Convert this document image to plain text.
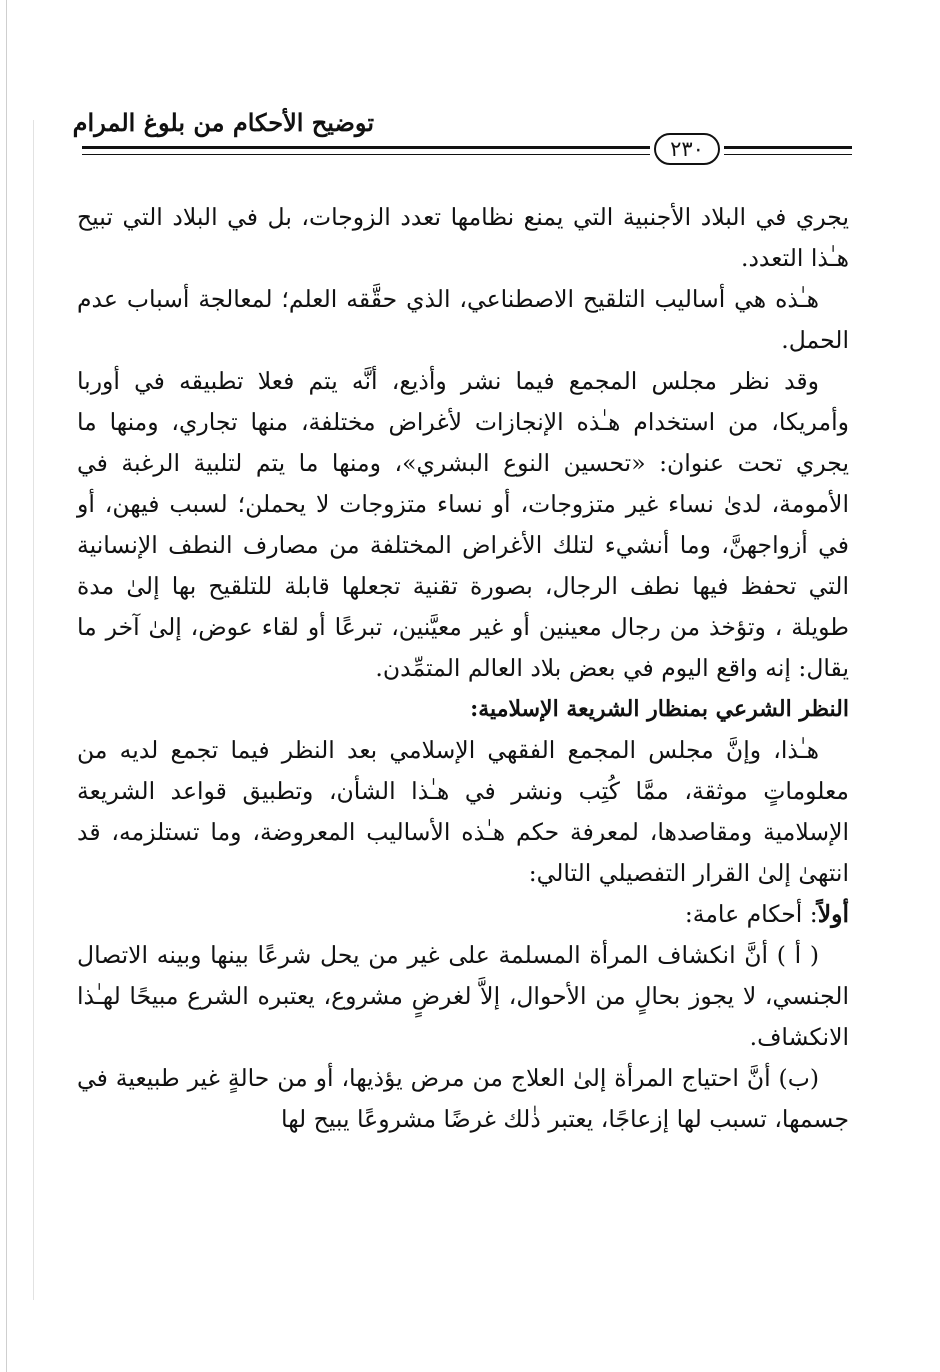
توضيح الأحكام من بلوغ المرام
٢٣٠

يجري في البلاد الأجنبية التي يمنع نظامها تعدد الزوجات، بل في البلاد التي تبيح هـٰذا التعدد.

هـٰذه هي أساليب التلقيح الاصطناعي، الذي حقَّقه العلم؛ لمعالجة أسباب عدم الحمل.

وقد نظر مجلس المجمع فيما نشر وأذيع، أنَّه يتم فعلا تطبيقه في أوربا وأمريكا، من استخدام هـٰذه الإنجازات لأغراض مختلفة، منها تجاري، ومنها ما يجري تحت عنوان: «تحسين النوع البشري»، ومنها ما يتم لتلبية الرغبة في الأمومة، لدىٰ نساء غير متزوجات، أو نساء متزوجات لا يحملن؛ لسبب فيهن، أو في أزواجهنَّ، وما أنشيء لتلك الأغراض المختلفة من مصارف النطف الإنسانية التي تحفظ فيها نطف الرجال، بصورة تقنية تجعلها قابلة للتلقيح بها إلىٰ مدة طويلة ، وتؤخذ من رجال معينين أو غير معيَّنين، تبرعًا أو لقاء عوض، إلىٰ آخر ما يقال: إنه واقع اليوم في بعض بلاد العالم المتمِّدن.

النظر الشرعي بمنظار الشريعة الإسلامية:

هـٰذا، وإنَّ مجلس المجمع الفقهي الإسلامي بعد النظر فيما تجمع لديه من معلوماتٍ موثقة، ممَّا كُتِب ونشر في هـٰذا الشأن، وتطبيق قواعد الشريعة الإسلامية ومقاصدها، لمعرفة حكم هـٰذه الأساليب المعروضة، وما تستلزمه، قد انتهىٰ إلىٰ القرار التفصيلي التالي:

أولاً: أحكام عامة:

( أ ) أنَّ انكشاف المرأة المسلمة على غير من يحل شرعًا بينها وبينه الاتصال الجنسي، لا يجوز بحالٍ من الأحوال، إلاَّ لغرضٍ مشروع، يعتبره الشرع مبيحًا لهـٰذا الانكشاف.

(ب) أنَّ احتياج المرأة إلىٰ العلاج من مرض يؤذيها، أو من حالةٍ غير طبيعية في جسمها، تسبب لها إزعاجًا، يعتبر ذٰلك غرضًا مشروعًا يبيح لها
